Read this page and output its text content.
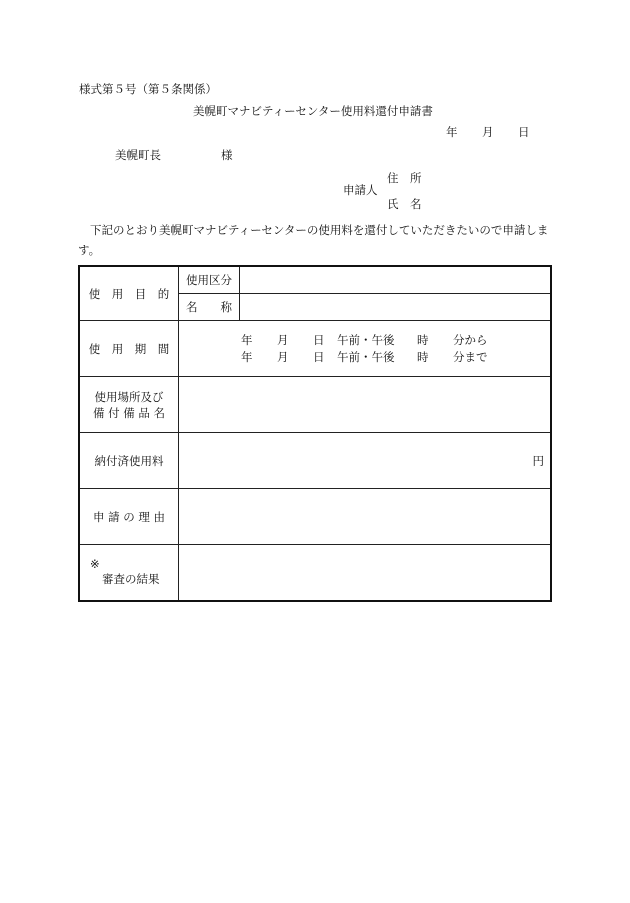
様式第５号（第５条関係）
美幌町マナビティーセンター使用料還付申請書
年 月 日
美幌町長	様
住　所
申請人
氏　名
下記のとおり美幌町マナビティーセンターの使用料を還付していただきたいので申請します。
使　用　目　的	使用区分	
	名　　称	
使　用　期　間	年 月 日 午前・午後 時 分から
年 月 日 午前・午後 時 分まで	

使用場所及び
備 付 備 品 名		

納付済使用料	円	
申 請 の 理 由		

※
審査の結果		
